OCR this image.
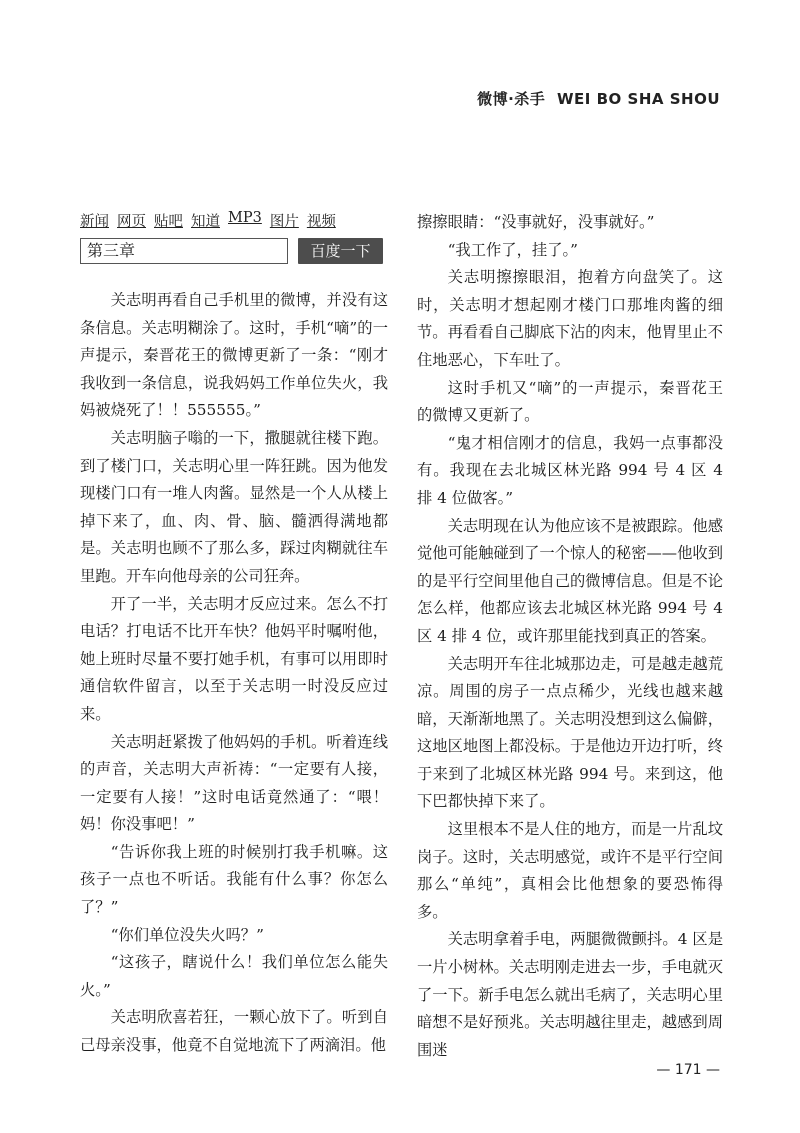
微博·杀手 WEI BO SHA SHOU
新闻 网页 贴吧 知道 MP3 图片 视频
第三章	百度一下

关志明再看自己手机里的微博，并没有这条信息。关志明糊涂了。这时，手机“嘀”的一声提示，秦晋花王的微博更新了一条：“刚才我收到一条信息，说我妈妈工作单位失火，我妈被烧死了！！555555。”

关志明脑子嗡的一下，撒腿就往楼下跑。到了楼门口，关志明心里一阵狂跳。因为他发现楼门口有一堆人肉酱。显然是一个人从楼上掉下来了，血、肉、骨、脑、髓洒得满地都是。关志明也顾不了那么多，踩过肉糊就往车里跑。开车向他母亲的公司狂奔。

开了一半，关志明才反应过来。怎么不打电话？打电话不比开车快？他妈平时嘱咐他，她上班时尽量不要打她手机，有事可以用即时通信软件留言，以至于关志明一时没反应过来。

关志明赶紧拨了他妈妈的手机。听着连线的声音，关志明大声祈祷：“一定要有人接，一定要有人接！”这时电话竟然通了：“喂！妈！你没事吧！”

“告诉你我上班的时候别打我手机嘛。这孩子一点也不听话。我能有什么事？你怎么了？”

“你们单位没失火吗？”

“这孩子，瞎说什么！我们单位怎么能失火。”

关志明欣喜若狂，一颗心放下了。听到自己母亲没事，他竟不自觉地流下了两滴泪。他

擦擦眼睛：“没事就好，没事就好。”

“我工作了，挂了。”

关志明擦擦眼泪，抱着方向盘笑了。这时，关志明才想起刚才楼门口那堆肉酱的细节。再看看自己脚底下沾的肉末，他胃里止不住地恶心，下车吐了。

这时手机又“嘀”的一声提示，秦晋花王的微博又更新了。

“鬼才相信刚才的信息，我妈一点事都没有。我现在去北城区林光路 994 号 4 区 4 排 4 位做客。”

关志明现在认为他应该不是被跟踪。他感觉他可能触碰到了一个惊人的秘密——他收到的是平行空间里他自己的微博信息。但是不论怎么样，他都应该去北城区林光路 994 号 4 区 4 排 4 位，或许那里能找到真正的答案。

关志明开车往北城那边走，可是越走越荒凉。周围的房子一点点稀少，光线也越来越暗，天渐渐地黑了。关志明没想到这么偏僻，这地区地图上都没标。于是他边开边打听，终于来到了北城区林光路 994 号。来到这，他下巴都快掉下来了。

这里根本不是人住的地方，而是一片乱坟岗子。这时，关志明感觉，或许不是平行空间那么“单纯”，真相会比他想象的要恐怖得多。

关志明拿着手电，两腿微微颤抖。4 区是一片小树林。关志明刚走进去一步，手电就灭了一下。新手电怎么就出毛病了，关志明心里暗想不是好预兆。关志明越往里走，越感到周围迷

— 171 —
